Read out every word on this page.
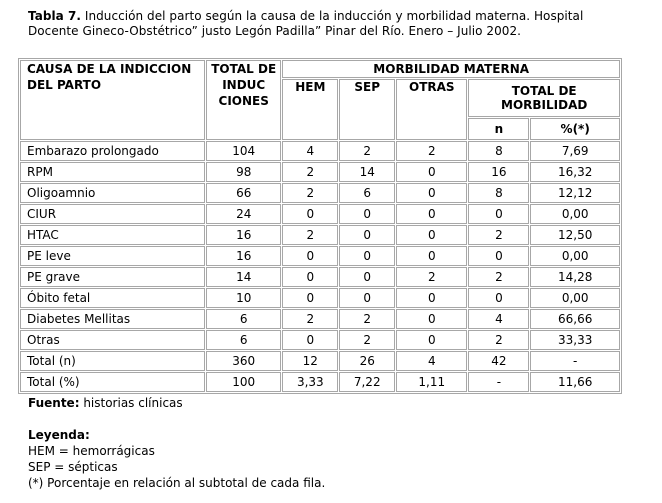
Tabla 7. Inducción del parto según la causa de la inducción y morbilidad materna. Hospital Docente Gineco-Obstétrico” justo Legón Padilla” Pinar del Río. Enero – Julio 2002.
CAUSA DE LA INDICCION DEL PARTO	TOTAL DE INDUC CIONES	MORBILIDAD MATERNA				
		HEM	SEP	OTRAS	TOTAL DE MORBILIDAD	
					n	%(*)
Embarazo prolongado	104	4	2	2	8	7,69
RPM	98	2	14	0	16	16,32
Oligoamnio	66	2	6	0	8	12,12
CIUR	24	0	0	0	0	0,00
HTAC	16	2	0	0	2	12,50
PE leve	16	0	0	0	0	0,00
PE grave	14	0	0	2	2	14,28
Óbito fetal	10	0	0	0	0	0,00
Diabetes Mellitas	6	2	2	0	4	66,66
Otras	6	0	2	0	2	33,33
Total (n)	360	12	26	4	42	-
Total (%)	100	3,33	7,22	1,11	-	11,66
Fuente: historias clínicas
Leyenda:
HEM = hemorrágicas
SEP = sépticas
(*) Porcentaje en relación al subtotal de cada fila.
